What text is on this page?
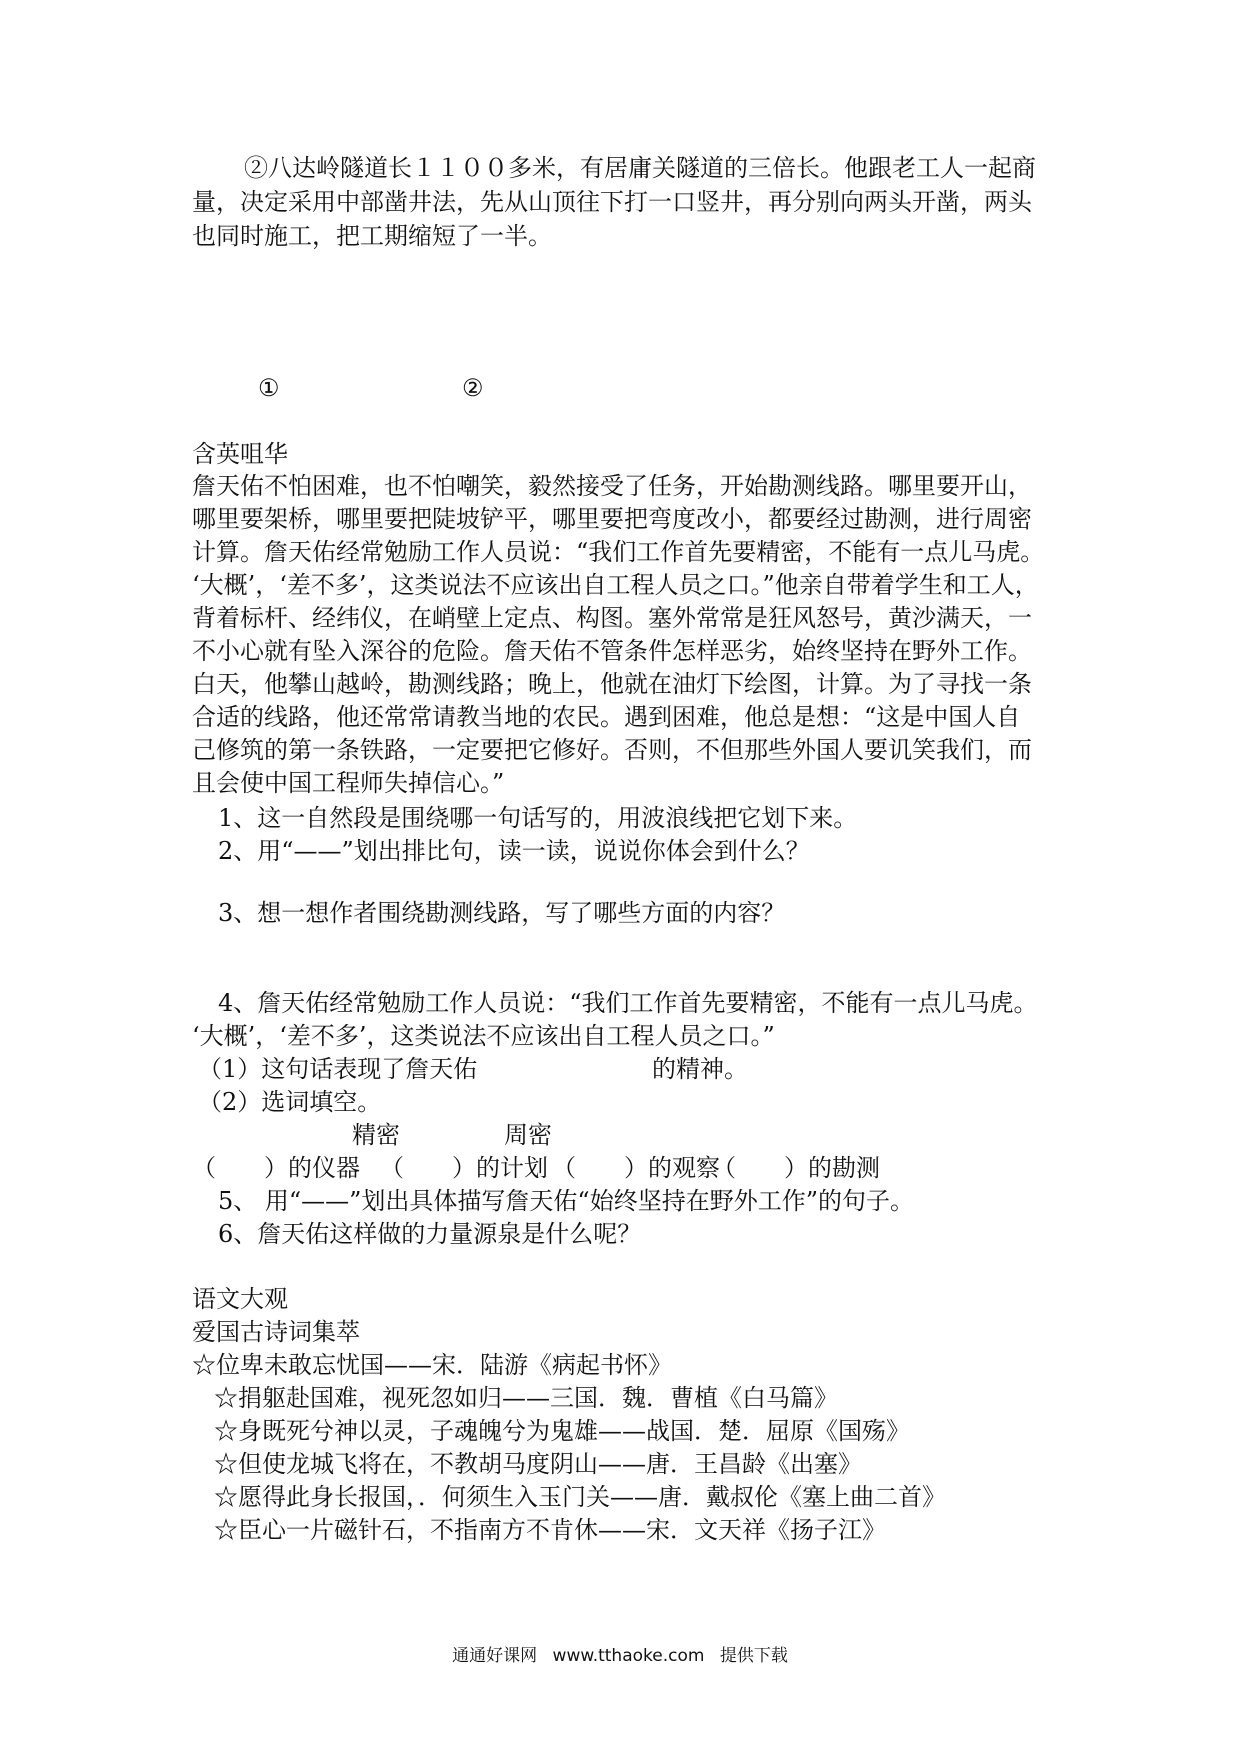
②八达岭隧道长１１００多米，有居庸关隧道的三倍长。他跟老工人一起商
量，决定采用中部凿井法，先从山顶往下打一口竖井，再分别向两头开凿，两头
也同时施工，把工期缩短了一半。
①	②
含英咀华
詹天佑不怕困难，也不怕嘲笑，毅然接受了任务，开始勘测线路。哪里要开山，
哪里要架桥，哪里要把陡坡铲平，哪里要把弯度改小，都要经过勘测，进行周密
计算。詹天佑经常勉励工作人员说：“我们工作首先要精密，不能有一点儿马虎。
‘大概’，‘差不多’，这类说法不应该出自工程人员之口。”他亲自带着学生和工人，
背着标杆、经纬仪，在峭壁上定点、构图。塞外常常是狂风怒号，黄沙满天，一
不小心就有坠入深谷的危险。詹天佑不管条件怎样恶劣，始终坚持在野外工作。
白天，他攀山越岭，勘测线路；晚上，他就在油灯下绘图，计算。为了寻找一条
合适的线路，他还常常请教当地的农民。遇到困难，他总是想：“这是中国人自
己修筑的第一条铁路，一定要把它修好。否则，不但那些外国人要讥笑我们，而
且会使中国工程师失掉信心。”
1、这一自然段是围绕哪一句话写的，用波浪线把它划下来。
2、用“——”划出排比句，读一读，说说你体会到什么？
3、想一想作者围绕勘测线路，写了哪些方面的内容？
4、詹天佑经常勉励工作人员说：“我们工作首先要精密，不能有一点儿马虎。
‘大概’，‘差不多’，这类说法不应该出自工程人员之口。”
（1）这句话表现了詹天佑	的精神。
（2）选词填空。
精密	周密
（　　）的仪器 （　　）的计划 （　　）的观察
（　　）的勘测
5、 用“——”划出具体描写詹天佑“始终坚持在野外工作”的句子。
6、詹天佑这样做的力量源泉是什么呢？
语文大观
爱国古诗词集萃
☆位卑未敢忘忧国——宋．陆游《病起书怀》
☆捐躯赴国难，视死忽如归——三国．魏．曹植《白马篇》
☆身既死兮神以灵，子魂魄兮为鬼雄——战国．楚．屈原《国殇》
☆但使龙城飞将在，不教胡马度阴山——唐．王昌龄《出塞》
☆愿得此身长报国，．何须生入玉门关——唐．戴叔伦《塞上曲二首》
☆臣心一片磁针石，不指南方不肯休——宋．文天祥《扬子江》
通通好课网 www.tthaoke.com 提供下载
